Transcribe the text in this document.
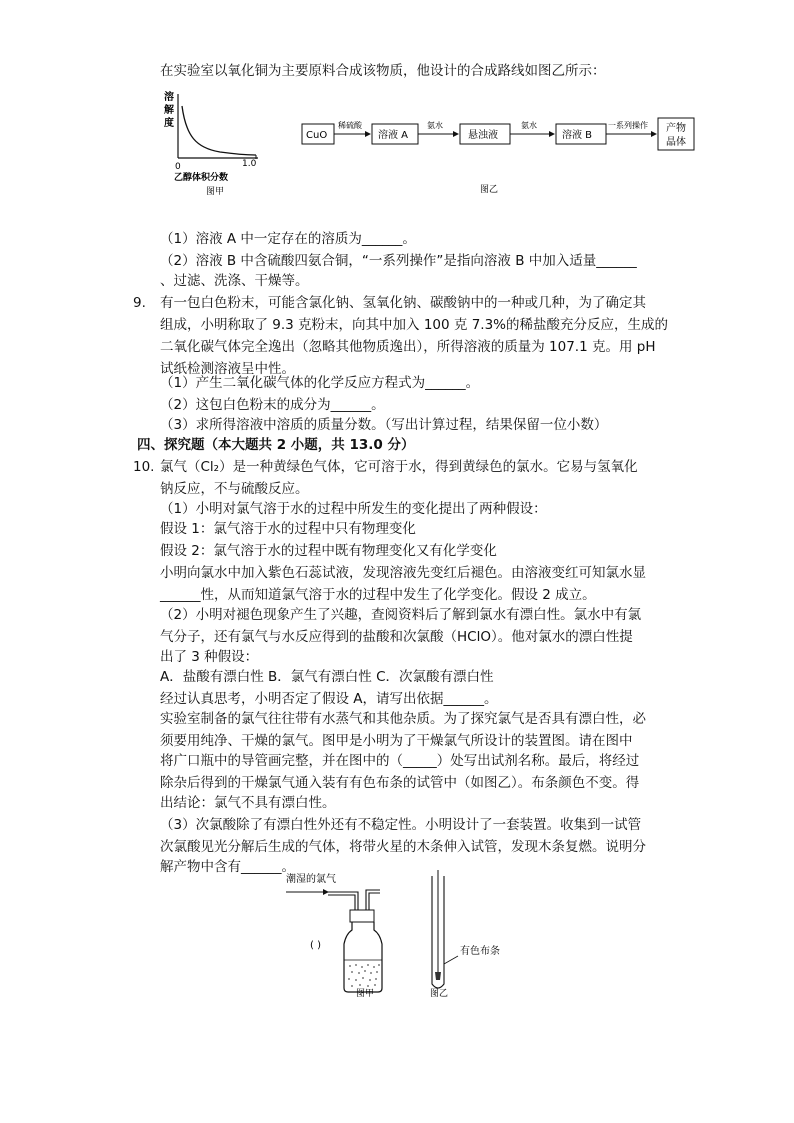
在实验室以氧化铜为主要原料合成该物质，他设计的合成路线如图乙所示：
溶
解
度
0	1.0
乙醇体积分数
图甲
CuO
稀硫酸
溶液 A
氨水
悬浊液
氨水
溶液 B
一系列操作 产物
晶体
图乙
（1）溶液 A 中一定存在的溶质为______。
（2）溶液 B 中含硫酸四氨合铜，“一系列操作”是指向溶液 B 中加入适量______
、过滤、洗涤、干燥等。
9. 有一包白色粉末，可能含氯化钠、氢氧化钠、碳酸钠中的一种或几种，为了确定其
组成，小明称取了 9.3 克粉末，向其中加入 100 克 7.3%的稀盐酸充分反应，生成的
二氧化碳气体完全逸出（忽略其他物质逸出），所得溶液的质量为 107.1 克。用 pH
试纸检测溶液呈中性。
（1）产生二氧化碳气体的化学反应方程式为______。
（2）这包白色粉末的成分为______。
（3）求所得溶液中溶质的质量分数。（写出计算过程，结果保留一位小数）
四、探究题（本大题共 2 小题，共 13.0 分）
10. 氯气（Cl₂）是一种黄绿色气体，它可溶于水，得到黄绿色的氯水。它易与氢氧化
钠反应，不与硫酸反应。
（1）小明对氯气溶于水的过程中所发生的变化提出了两种假设：
假设 1：氯气溶于水的过程中只有物理变化
假设 2：氯气溶于水的过程中既有物理变化又有化学变化
小明向氯水中加入紫色石蕊试液，发现溶液先变红后褪色。由溶液变红可知氯水显
______性，从而知道氯气溶于水的过程中发生了化学变化。假设 2 成立。
（2）小明对褪色现象产生了兴趣，查阅资料后了解到氯水有漂白性。氯水中有氯
气分子，还有氯气与水反应得到的盐酸和次氯酸（HClO）。他对氯水的漂白性提
出了 3 种假设：
A．盐酸有漂白性 B．氯气有漂白性 C．次氯酸有漂白性
经过认真思考，小明否定了假设 A，请写出依据______。
实验室制备的氯气往往带有水蒸气和其他杂质。为了探究氯气是否具有漂白性，必
须要用纯净、干燥的氯气。图甲是小明为了干燥氯气所设计的装置图。请在图中
将广口瓶中的导管画完整，并在图中的（_____）处写出试剂名称。最后，将经过
除杂后得到的干燥氯气通入装有有色布条的试管中（如图乙）。布条颜色不变。得
出结论：氯气不具有漂白性。
（3）次氯酸除了有漂白性外还有不稳定性。小明设计了一套装置。收集到一试管
次氯酸见光分解后生成的气体，将带火星的木条伸入试管，发现木条复燃。说明分
解产物中含有______。
潮湿的氯气
( )
图甲
有色布条
图乙
